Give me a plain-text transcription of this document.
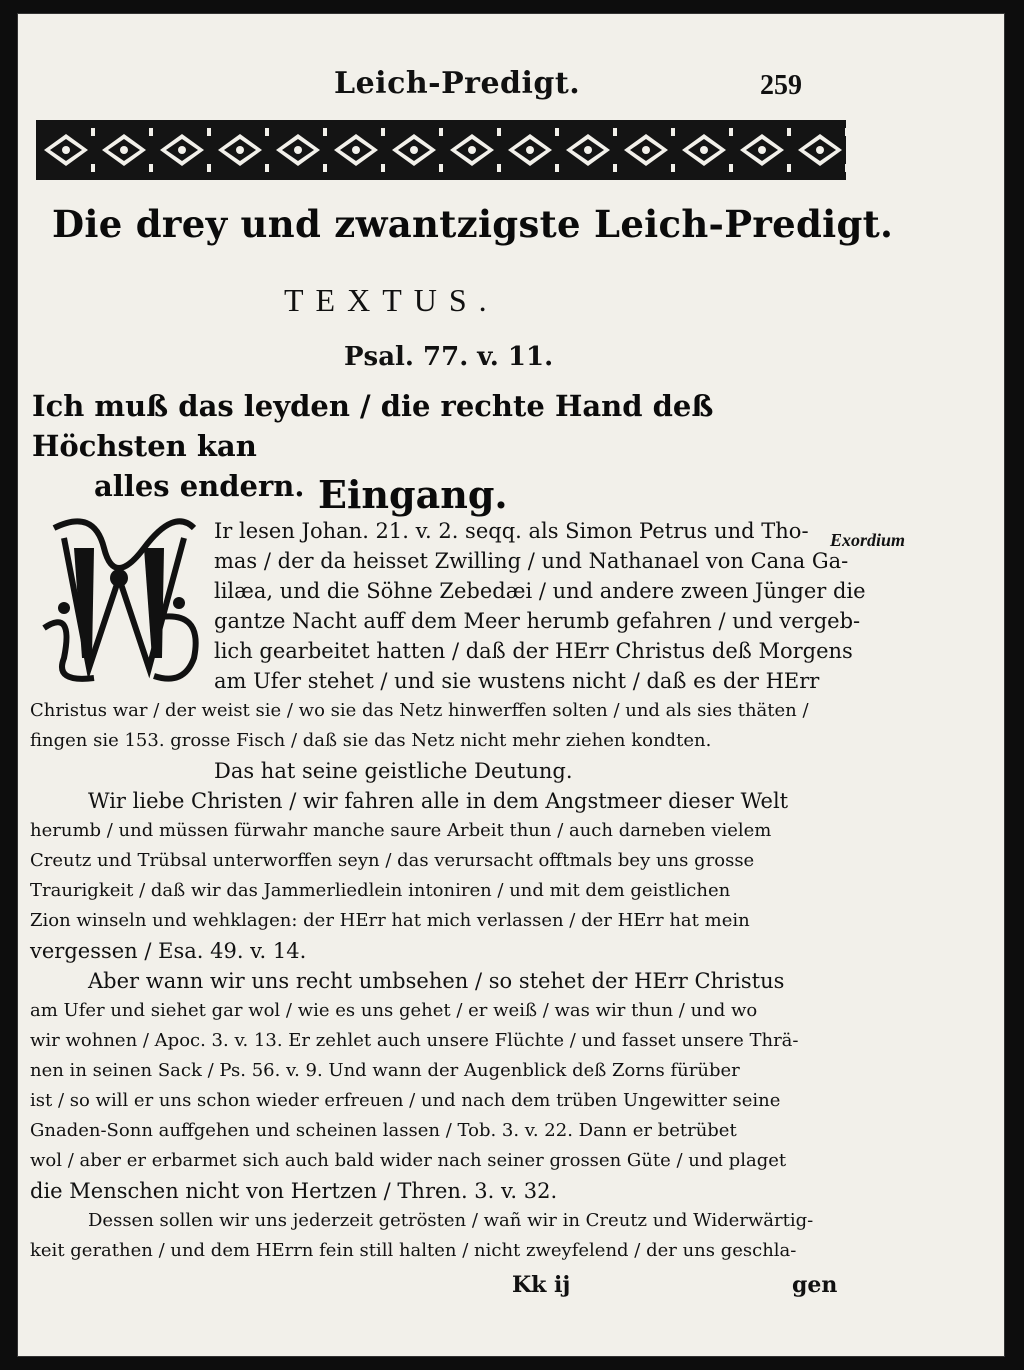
Leich-Predigt.	259
Die drey und zwantzigste Leich-Predigt.
TEXTUS.
Psal. 77. v. 11.
Ich muß das leyden / die rechte Hand deß Höchsten kan
alles endern. Eingang.
Exordium
Ir lesen Johan. 21. v. 2. seqq. als Simon Petrus und Tho-
mas / der da heisset Zwilling / und Nathanael von Cana Ga-
lilæa, und die Söhne Zebedæi / und andere zween Jünger die
gantze Nacht auff dem Meer herumb gefahren / und vergeb-
lich gearbeitet hatten / daß der HErr Christus deß Morgens
am Ufer stehet / und sie wustens nicht / daß es der HErr
Christus war / der weist sie / wo sie das Netz hinwerffen solten / und als sies thäten /
fingen sie 153. grosse Fisch / daß sie das Netz nicht mehr ziehen kondten.
Das hat seine geistliche Deutung.
Wir liebe Christen / wir fahren alle in dem Angstmeer dieser Welt
herumb / und müssen fürwahr manche saure Arbeit thun / auch darneben vielem
Creutz und Trübsal unterworffen seyn / das verursacht offtmals bey uns grosse
Traurigkeit / daß wir das Jammerliedlein intoniren / und mit dem geistlichen
Zion winseln und wehklagen: der HErr hat mich verlassen / der HErr hat mein
vergessen / Esa. 49. v. 14.
Aber wann wir uns recht umbsehen / so stehet der HErr Christus
am Ufer und siehet gar wol / wie es uns gehet / er weiß / was wir thun / und wo
wir wohnen / Apoc. 3. v. 13. Er zehlet auch unsere Flüchte / und fasset unsere Thrä-
nen in seinen Sack / Ps. 56. v. 9. Und wann der Augenblick deß Zorns fürüber
ist / so will er uns schon wieder erfreuen / und nach dem trüben Ungewitter seine
Gnaden-Sonn auffgehen und scheinen lassen / Tob. 3. v. 22. Dann er betrübet
wol / aber er erbarmet sich auch bald wider nach seiner grossen Güte / und plaget
die Menschen nicht von Hertzen / Thren. 3. v. 32.
Dessen sollen wir uns jederzeit getrösten / wañ wir in Creutz und Widerwärtig-
keit gerathen / und dem HErrn fein still halten / nicht zweyfelend / der uns geschla-
Kk ij	gen
